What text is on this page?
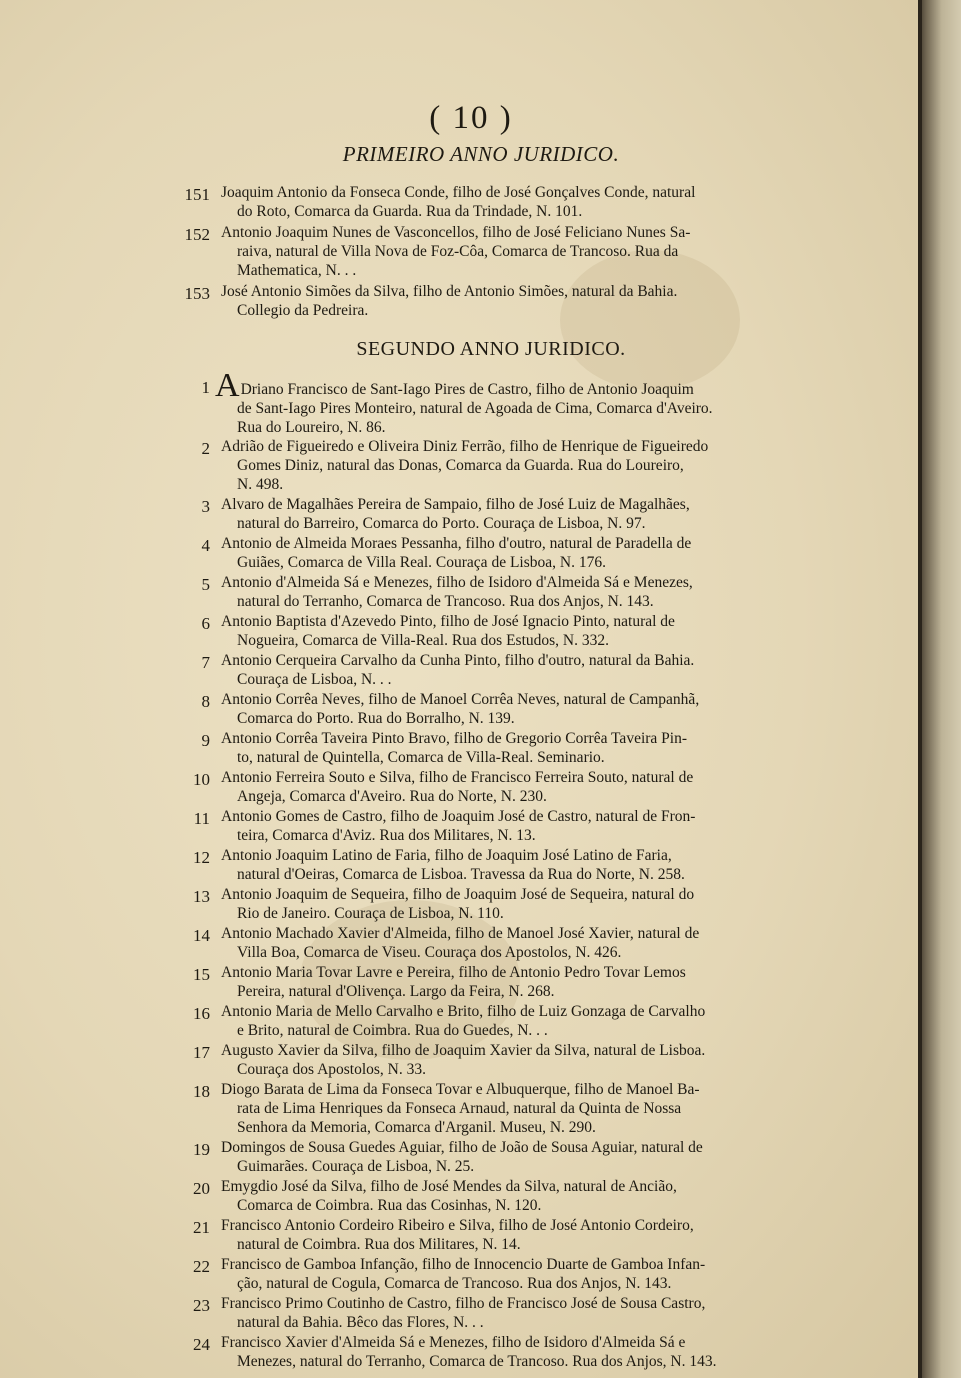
( 10 )
PRIMEIRO ANNO JURIDICO.
SEGUNDO ANNO JURIDICO.
151 Joaquim Antonio da Fonseca Conde, filho de José Gonçalves Conde, natural
do Roto, Comarca da Guarda. Rua da Trindade, N. 101.
152 Antonio Joaquim Nunes de Vasconcellos, filho de José Feliciano Nunes Sa-
raiva, natural de Villa Nova de Foz-Côa, Comarca de Trancoso. Rua da
Mathematica, N. . .
153 José Antonio Simões da Silva, filho de Antonio Simões, natural da Bahia.
Collegio da Pedreira.
1 ADriano Francisco de Sant-Iago Pires de Castro, filho de Antonio Joaquim
de Sant-Iago Pires Monteiro, natural de Agoada de Cima, Comarca d'Aveiro.
Rua do Loureiro, N. 86.
2 Adrião de Figueiredo e Oliveira Diniz Ferrão, filho de Henrique de Figueiredo
Gomes Diniz, natural das Donas, Comarca da Guarda. Rua do Loureiro,
N. 498.
3 Alvaro de Magalhães Pereira de Sampaio, filho de José Luiz de Magalhães,
natural do Barreiro, Comarca do Porto. Couraça de Lisboa, N. 97.
4 Antonio de Almeida Moraes Pessanha, filho d'outro, natural de Paradella de
Guiães, Comarca de Villa Real. Couraça de Lisboa, N. 176.
5 Antonio d'Almeida Sá e Menezes, filho de Isidoro d'Almeida Sá e Menezes,
natural do Terranho, Comarca de Trancoso. Rua dos Anjos, N. 143.
6 Antonio Baptista d'Azevedo Pinto, filho de José Ignacio Pinto, natural de
Nogueira, Comarca de Villa-Real. Rua dos Estudos, N. 332.
7 Antonio Cerqueira Carvalho da Cunha Pinto, filho d'outro, natural da Bahia.
Couraça de Lisboa, N. . .
8 Antonio Corrêa Neves, filho de Manoel Corrêa Neves, natural de Campanhã,
Comarca do Porto. Rua do Borralho, N. 139.
9 Antonio Corrêa Taveira Pinto Bravo, filho de Gregorio Corrêa Taveira Pin-
to, natural de Quintella, Comarca de Villa-Real. Seminario.
10 Antonio Ferreira Souto e Silva, filho de Francisco Ferreira Souto, natural de
Angeja, Comarca d'Aveiro. Rua do Norte, N. 230.
11 Antonio Gomes de Castro, filho de Joaquim José de Castro, natural de Fron-
teira, Comarca d'Aviz. Rua dos Militares, N. 13.
12 Antonio Joaquim Latino de Faria, filho de Joaquim José Latino de Faria,
natural d'Oeiras, Comarca de Lisboa. Travessa da Rua do Norte, N. 258.
13 Antonio Joaquim de Sequeira, filho de Joaquim José de Sequeira, natural do
Rio de Janeiro. Couraça de Lisboa, N. 110.
14 Antonio Machado Xavier d'Almeida, filho de Manoel José Xavier, natural de
Villa Boa, Comarca de Viseu. Couraça dos Apostolos, N. 426.
15 Antonio Maria Tovar Lavre e Pereira, filho de Antonio Pedro Tovar Lemos
Pereira, natural d'Olivença. Largo da Feira, N. 268.
16 Antonio Maria de Mello Carvalho e Brito, filho de Luiz Gonzaga de Carvalho
e Brito, natural de Coimbra. Rua do Guedes, N. . .
17 Augusto Xavier da Silva, filho de Joaquim Xavier da Silva, natural de Lisboa.
Couraça dos Apostolos, N. 33.
18 Diogo Barata de Lima da Fonseca Tovar e Albuquerque, filho de Manoel Ba-
rata de Lima Henriques da Fonseca Arnaud, natural da Quinta de Nossa
Senhora da Memoria, Comarca d'Arganil. Museu, N. 290.
19 Domingos de Sousa Guedes Aguiar, filho de João de Sousa Aguiar, natural de
Guimarães. Couraça de Lisboa, N. 25.
20 Emygdio José da Silva, filho de José Mendes da Silva, natural de Ancião,
Comarca de Coimbra. Rua das Cosinhas, N. 120.
21 Francisco Antonio Cordeiro Ribeiro e Silva, filho de José Antonio Cordeiro,
natural de Coimbra. Rua dos Militares, N. 14.
22 Francisco de Gamboa Infanção, filho de Innocencio Duarte de Gamboa Infan-
ção, natural de Cogula, Comarca de Trancoso. Rua dos Anjos, N. 143.
23 Francisco Primo Coutinho de Castro, filho de Francisco José de Sousa Castro,
natural da Bahia. Bêco das Flores, N. . .
24 Francisco Xavier d'Almeida Sá e Menezes, filho de Isidoro d'Almeida Sá e
Menezes, natural do Terranho, Comarca de Trancoso. Rua dos Anjos, N. 143.
